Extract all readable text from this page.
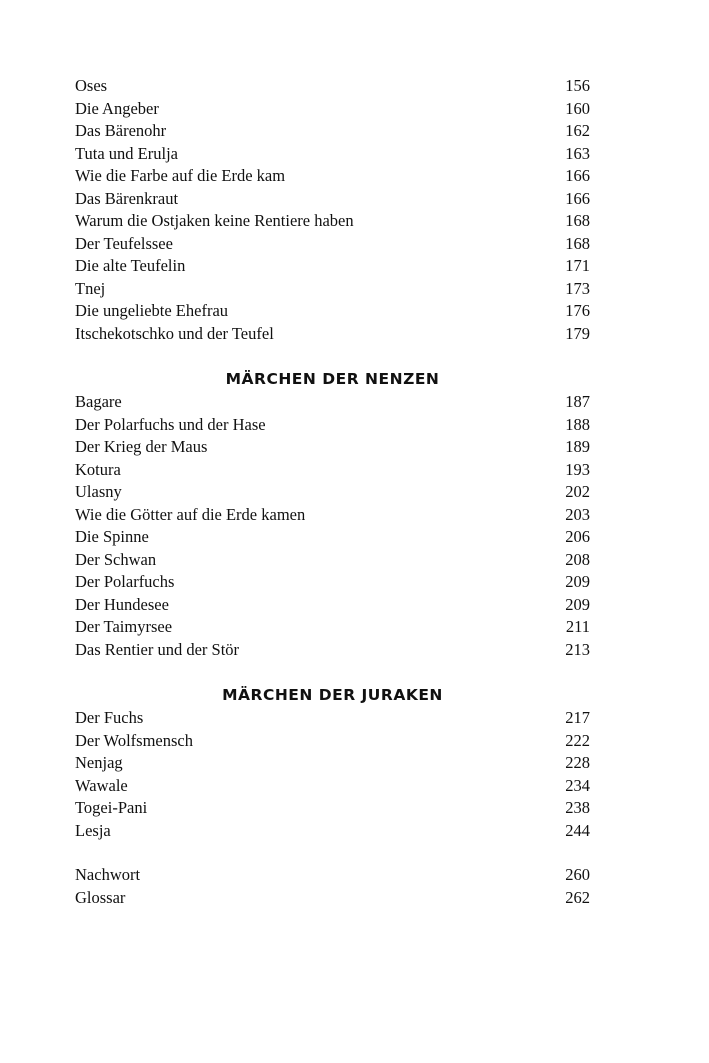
Oses	156
Die Angeber	160
Das Bärenohr	162
Tuta und Erulja	163
Wie die Farbe auf die Erde kam	166
Das Bärenkraut	166
Warum die Ostjaken keine Rentiere haben	168
Der Teufelssee	168
Die alte Teufelin	171
Tnej	173
Die ungeliebte Ehefrau	176
Itschekotschko und der Teufel	179
MÄRCHEN DER NENZEN
Bagare	187
Der Polarfuchs und der Hase	188
Der Krieg der Maus	189
Kotura	193
Ulasny	202
Wie die Götter auf die Erde kamen	203
Die Spinne	206
Der Schwan	208
Der Polarfuchs	209
Der Hundesee	209
Der Taimyrsee	211
Das Rentier und der Stör	213
MÄRCHEN DER JURAKEN
Der Fuchs	217
Der Wolfsmensch	222
Nenjag	228
Wawale	234
Togei-Pani	238
Lesja	244
Nachwort	260
Glossar	262
